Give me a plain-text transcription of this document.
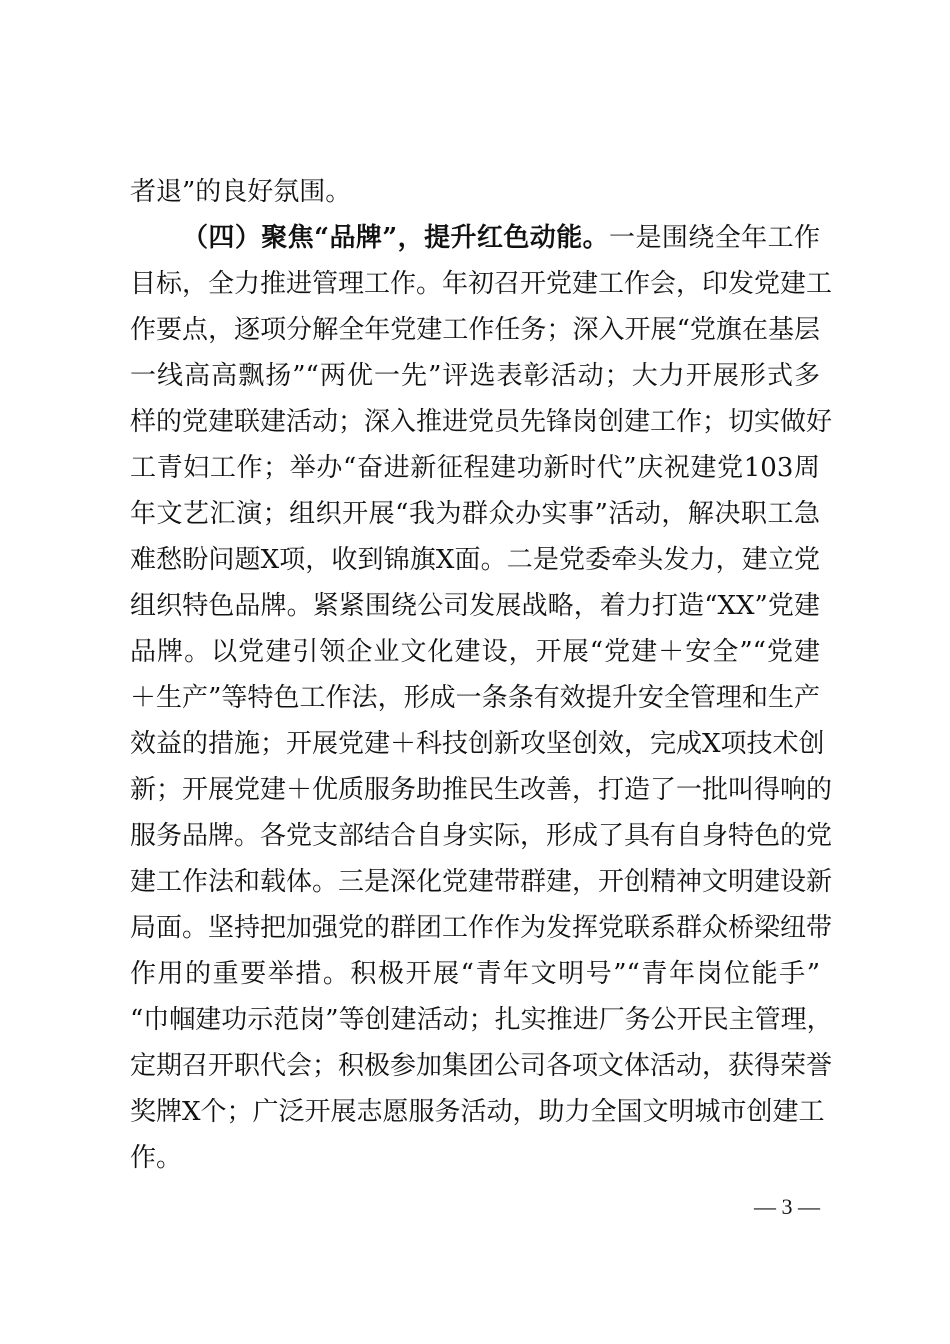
者退”的良好氛围。
（四）聚焦“品牌”，提升红色动能。一是围绕全年工作
目标，全力推进管理工作。年初召开党建工作会，印发党建工
作要点，逐项分解全年党建工作任务；深入开展“党旗在基层
一线高高飘扬”“两优一先”评选表彰活动；大力开展形式多
样的党建联建活动；深入推进党员先锋岗创建工作；切实做好
工青妇工作；举办“奋进新征程建功新时代”庆祝建党103周
年文艺汇演；组织开展“我为群众办实事”活动，解决职工急
难愁盼问题X项，收到锦旗X面。二是党委牵头发力，建立党
组织特色品牌。紧紧围绕公司发展战略，着力打造“XX”党建
品牌。以党建引领企业文化建设，开展“党建＋安全”“党建
＋生产”等特色工作法，形成一条条有效提升安全管理和生产
效益的措施；开展党建＋科技创新攻坚创效，完成X项技术创
新；开展党建＋优质服务助推民生改善，打造了一批叫得响的
服务品牌。各党支部结合自身实际，形成了具有自身特色的党
建工作法和载体。三是深化党建带群建，开创精神文明建设新
局面。坚持把加强党的群团工作作为发挥党联系群众桥梁纽带
作用的重要举措。积极开展“青年文明号”“青年岗位能手”
“巾帼建功示范岗”等创建活动；扎实推进厂务公开民主管理，
定期召开职代会；积极参加集团公司各项文体活动，获得荣誉
奖牌X个；广泛开展志愿服务活动，助力全国文明城市创建工
作。
— 3 —
